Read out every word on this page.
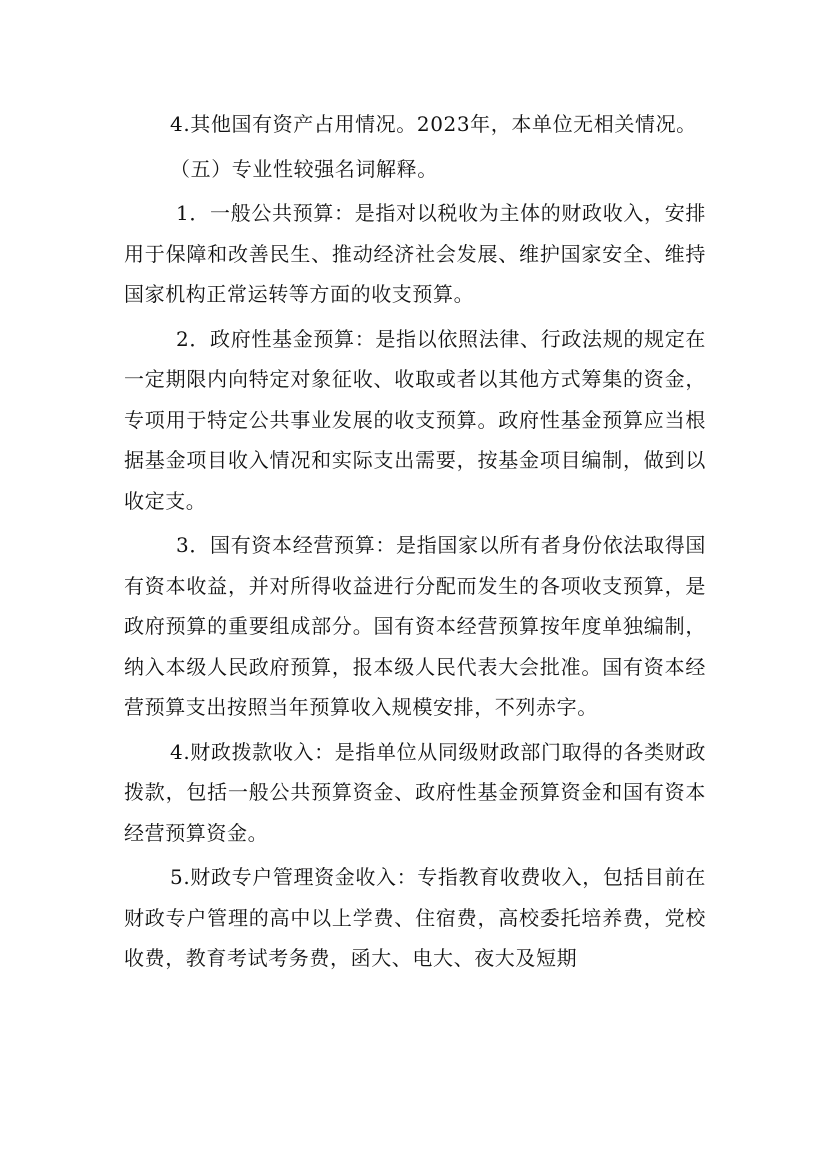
4.其他国有资产占用情况。2023年，本单位无相关情况。

（五）专业性较强名词解释。

1．一般公共预算：是指对以税收为主体的财政收入，安排用于保障和改善民生、推动经济社会发展、维护国家安全、维持国家机构正常运转等方面的收支预算。

2．政府性基金预算：是指以依照法律、行政法规的规定在一定期限内向特定对象征收、收取或者以其他方式筹集的资金，专项用于特定公共事业发展的收支预算。政府性基金预算应当根据基金项目收入情况和实际支出需要，按基金项目编制，做到以收定支。

3．国有资本经营预算：是指国家以所有者身份依法取得国有资本收益，并对所得收益进行分配而发生的各项收支预算，是政府预算的重要组成部分。国有资本经营预算按年度单独编制，纳入本级人民政府预算，报本级人民代表大会批准。国有资本经营预算支出按照当年预算收入规模安排，不列赤字。

4.财政拨款收入：是指单位从同级财政部门取得的各类财政拨款，包括一般公共预算资金、政府性基金预算资金和国有资本经营预算资金。

5.财政专户管理资金收入：专指教育收费收入，包括目前在财政专户管理的高中以上学费、住宿费，高校委托培养费，党校收费，教育考试考务费，函大、电大、夜大及短期
